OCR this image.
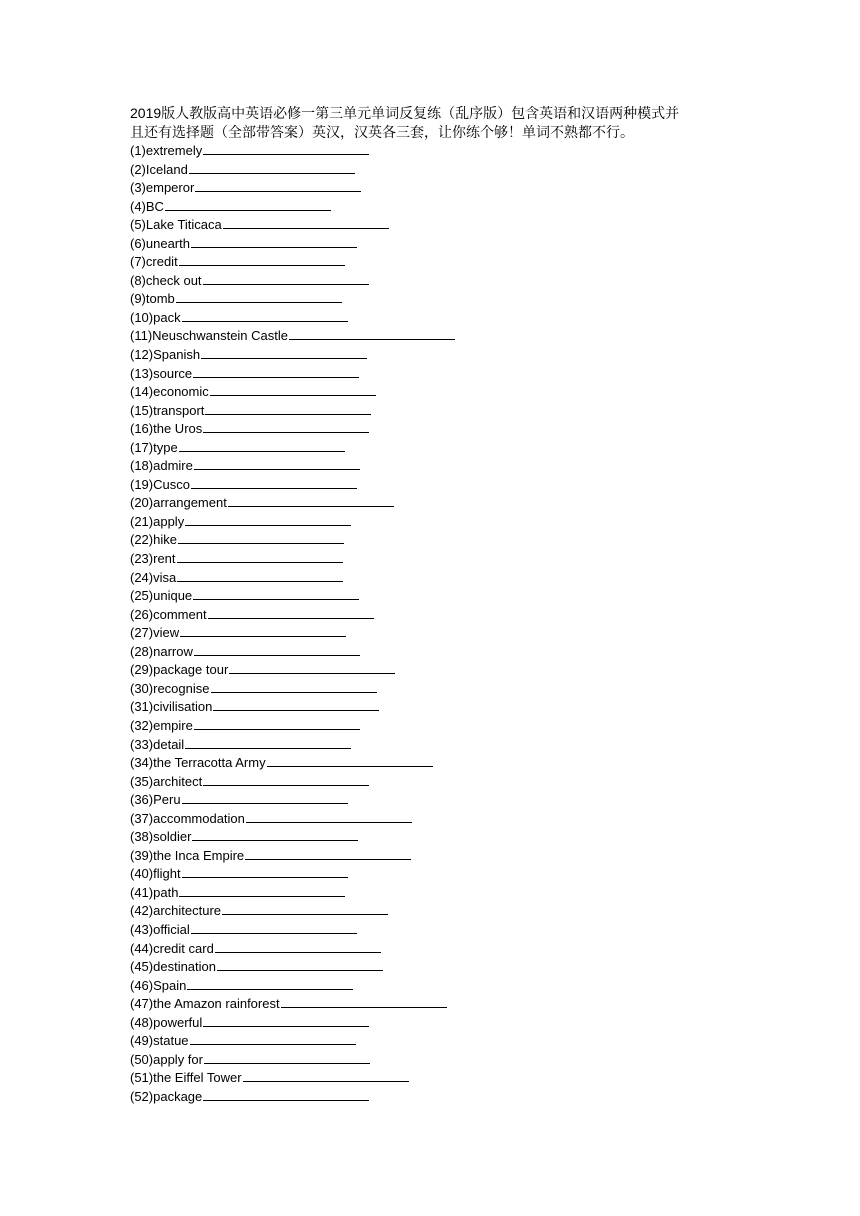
2019版人教版高中英语必修一第三单元单词反复练（乱序版）包含英语和汉语两种模式并
且还有选择题（全部带答案）英汉，汉英各三套，让你练个够！单词不熟都不行。
(1)extremely
(2)Iceland
(3)emperor
(4)BC
(5)Lake Titicaca
(6)unearth
(7)credit
(8)check out
(9)tomb
(10)pack
(11)Neuschwanstein Castle
(12)Spanish
(13)source
(14)economic
(15)transport
(16)the Uros
(17)type
(18)admire
(19)Cusco
(20)arrangement
(21)apply
(22)hike
(23)rent
(24)visa
(25)unique
(26)comment
(27)view
(28)narrow
(29)package tour
(30)recognise
(31)civilisation
(32)empire
(33)detail
(34)the Terracotta Army
(35)architect
(36)Peru
(37)accommodation
(38)soldier
(39)the Inca Empire
(40)flight
(41)path
(42)architecture
(43)official
(44)credit card
(45)destination
(46)Spain
(47)the Amazon rainforest
(48)powerful
(49)statue
(50)apply for
(51)the Eiffel Tower
(52)package
